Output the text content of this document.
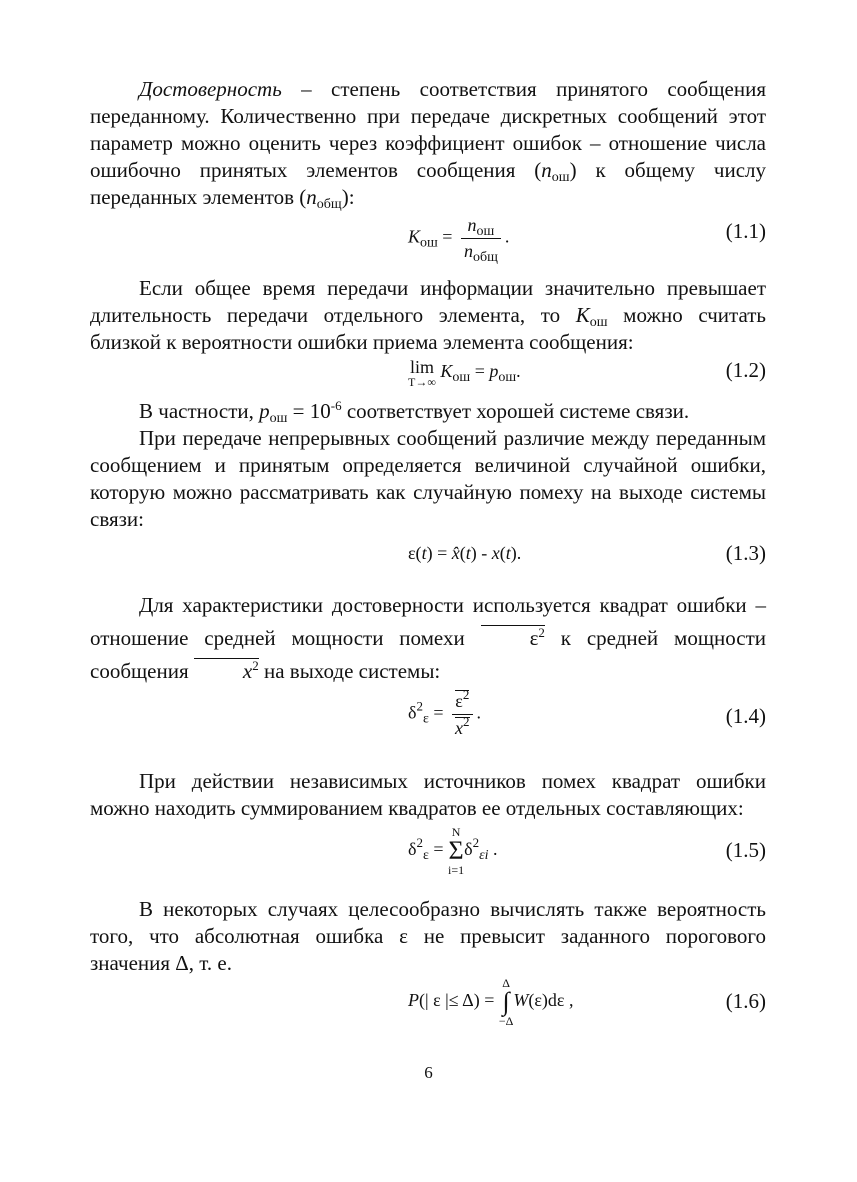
Достоверность – степень соответствия принятого сообщения переданному. Количественно при передаче дискретных сообщений этот параметр можно оценить через коэффициент ошибок – отношение числа ошибочно принятых элементов сообщения $(n_{ош})$ к общему числу переданных элементов $(n_{общ})$:

$K_{ош} = \frac{n_{ош}}{n_{общ}}$ .	(1.1)

Если общее время передачи информации значительно превышает длительность передачи отдельного элемента, то $K_{ош}$ можно считать близкой к вероятности ошибки приема элемента сообщения:

lim
T→∞
$K_{ош} = p_{ош}$.	(1.2)

В частности, $p_{ош} = 10^{-6}$ соответствует хорошей системе связи.

При передаче непрерывных сообщений различие между переданным сообщением и принятым определяется величиной случайной ошибки, которую можно рассматривать как случайную помеху на выходе системы связи:

ε(t) = x̂(t) - x(t).	(1.3)

Для характеристики достоверности используется квадрат ошибки – отношение средней мощности помехи $\varepsilon^2$ к средней мощности сообщения $x^2$ на выходе системы:

$\delta^2_\varepsilon = \frac{\varepsilon^2}{x^2}$ .	(1.4)

При действии независимых источников помех квадрат ошибки можно находить суммированием квадратов ее отдельных составляющих:

$\delta^2_\varepsilon$ =
N
Σ
i=1
$\delta^2_{\varepsilon i}$ .	(1.5)

В некоторых случаях целесообразно вычислять также вероятность того, что абсолютная ошибка ε не превысит заданного порогового значения Δ, т. е.

P(| ε |≤ Δ) =
Δ
∫
−Δ
W(ε)dε ,	(1.6)
6
